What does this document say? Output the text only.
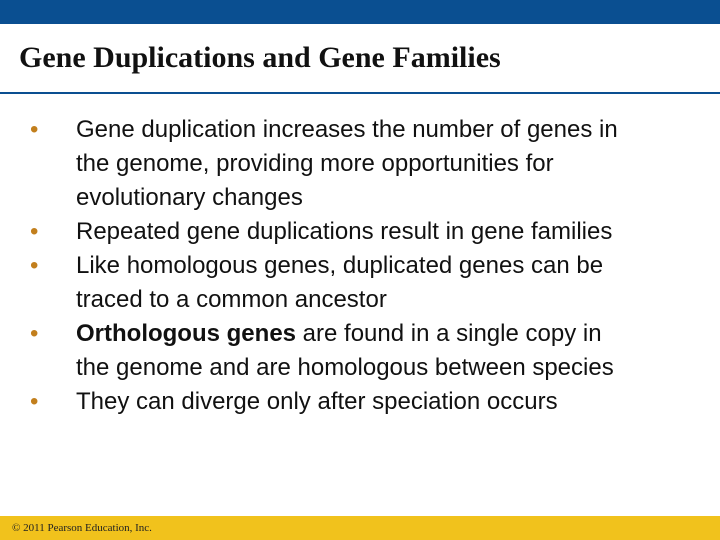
Gene Duplications and Gene Families
•	Gene duplication increases the number of genes in
the genome, providing more opportunities for
evolutionary changes
•	Repeated gene duplications result in gene families
•	Like homologous genes, duplicated genes can be
traced to a common ancestor
•	Orthologous genes are found in a single copy in
the genome and are homologous between species
•	They can diverge only after speciation occurs
© 2011 Pearson Education, Inc.
